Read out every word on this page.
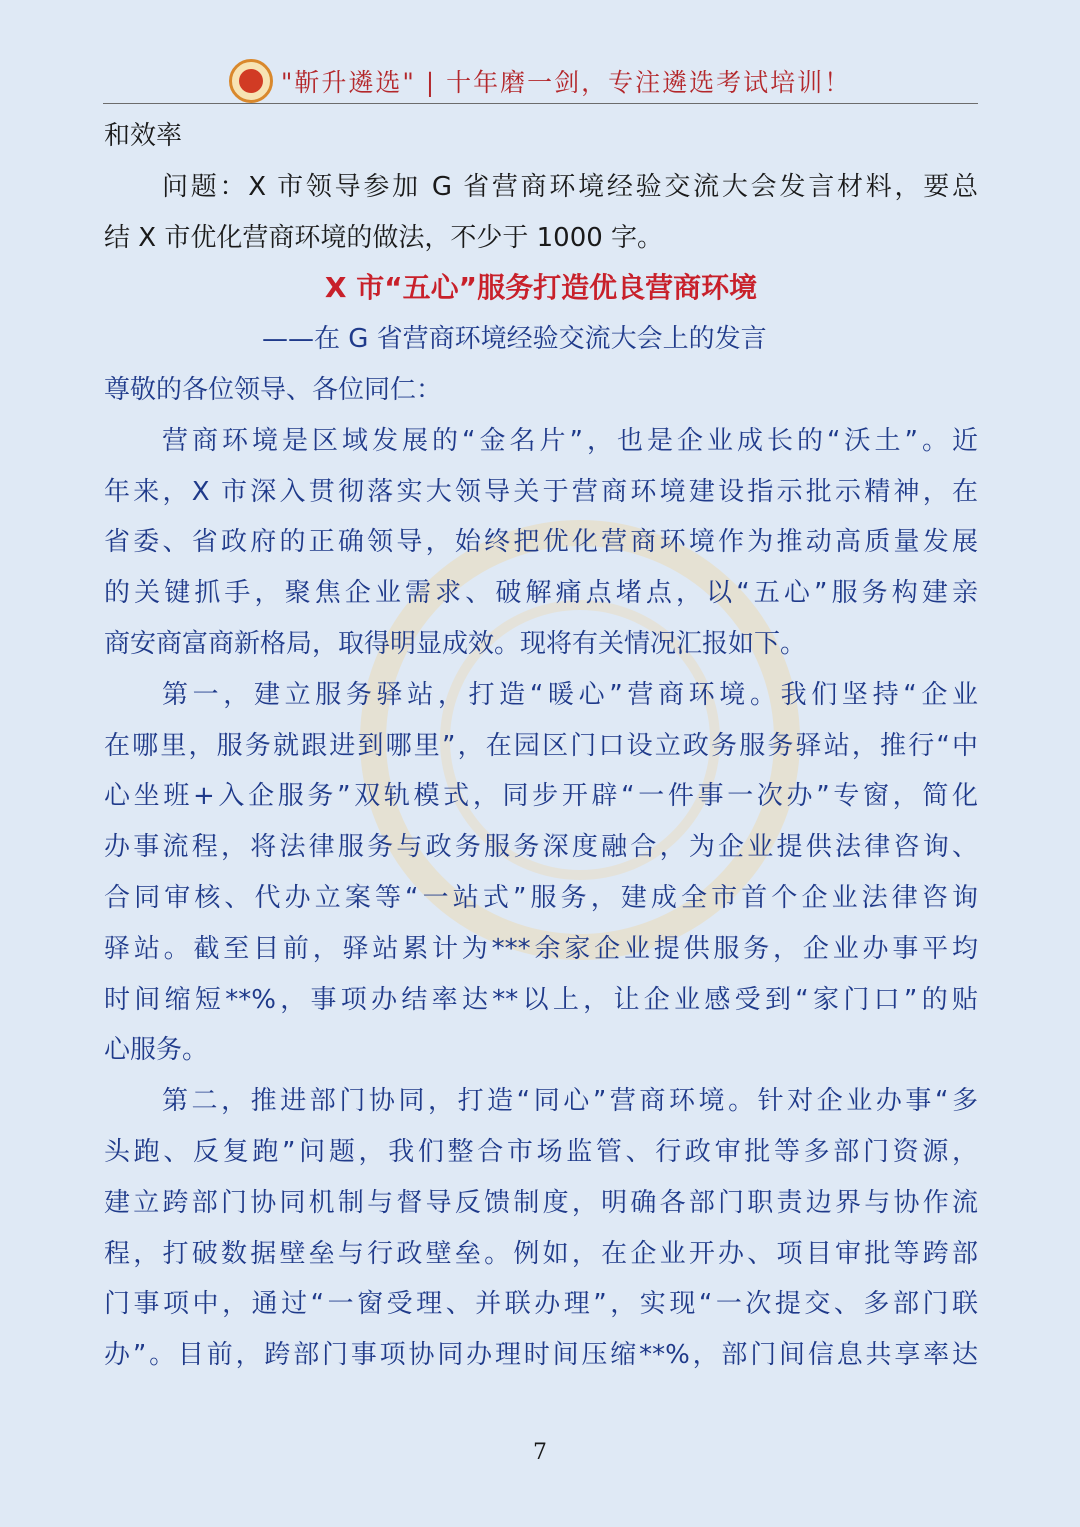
"靳升遴选" | 十年磨一剑，专注遴选考试培训！
和效率
问题：X 市领导参加 G 省营商环境经验交流大会发言材料，要总
结 X 市优化营商环境的做法，不少于 1000 字。
X 市“五心”服务打造优良营商环境
——在 G 省营商环境经验交流大会上的发言
尊敬的各位领导、各位同仁：
营商环境是区域发展的“金名片”，也是企业成长的“沃土”。近
年来，X 市深入贯彻落实大领导关于营商环境建设指示批示精神，在
省委、省政府的正确领导，始终把优化营商环境作为推动高质量发展
的关键抓手，聚焦企业需求、破解痛点堵点，以“五心”服务构建亲
商安商富商新格局，取得明显成效。现将有关情况汇报如下。
第一，建立服务驿站，打造“暖心”营商环境。我们坚持“企业
在哪里，服务就跟进到哪里”，在园区门口设立政务服务驿站，推行“中
心坐班+入企服务”双轨模式，同步开辟“一件事一次办”专窗，简化
办事流程，将法律服务与政务服务深度融合，为企业提供法律咨询、
合同审核、代办立案等“一站式”服务，建成全市首个企业法律咨询
驿站。截至目前，驿站累计为***余家企业提供服务，企业办事平均
时间缩短**%，事项办结率达**以上，让企业感受到“家门口”的贴
心服务。
第二，推进部门协同，打造“同心”营商环境。针对企业办事“多
头跑、反复跑”问题，我们整合市场监管、行政审批等多部门资源，
建立跨部门协同机制与督导反馈制度，明确各部门职责边界与协作流
程，打破数据壁垒与行政壁垒。例如，在企业开办、项目审批等跨部
门事项中，通过“一窗受理、并联办理”，实现“一次提交、多部门联
办”。目前，跨部门事项协同办理时间压缩**%，部门间信息共享率达
7
